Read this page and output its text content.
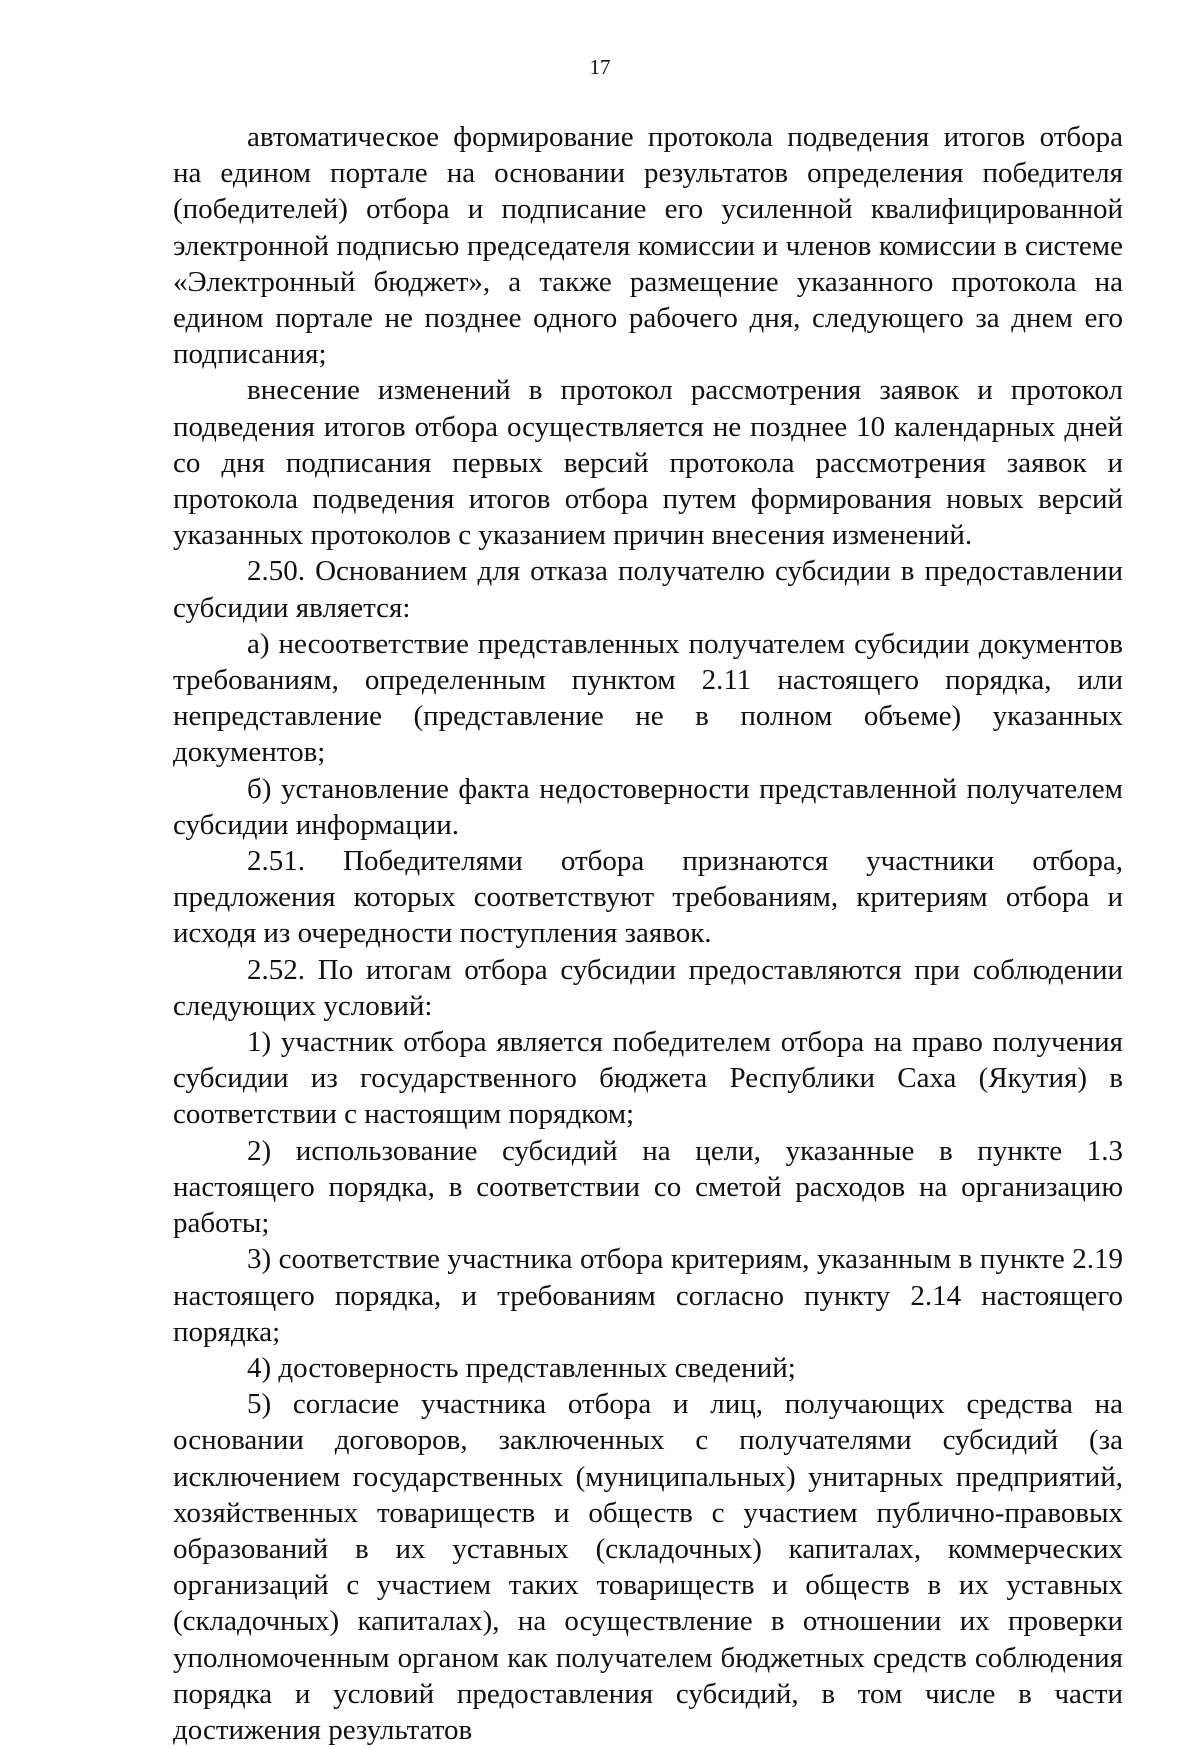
17

автоматическое формирование протокола подведения итогов отбора на едином портале на основании результатов определения победителя (победителей) отбора и подписание его усиленной квалифицированной электронной подписью председателя комиссии и членов комиссии в системе «Электронный бюджет», а также размещение указанного протокола на едином портале не позднее одного рабочего дня, следующего за днем его подписания;

внесение изменений в протокол рассмотрения заявок и протокол подведения итогов отбора осуществляется не позднее 10 календарных дней со дня подписания первых версий протокола рассмотрения заявок и протокола подведения итогов отбора путем формирования новых версий указанных протоколов с указанием причин внесения изменений.

2.50. Основанием для отказа получателю субсидии в предоставлении субсидии является:

а) несоответствие представленных получателем субсидии документов требованиям, определенным пунктом 2.11 настоящего порядка, или непредставление (представление не в полном объеме) указанных документов;

б) установление факта недостоверности представленной получателем субсидии информации.

2.51. Победителями отбора признаются участники отбора, предложения которых соответствуют требованиям, критериям отбора и исходя из очередности поступления заявок.

2.52. По итогам отбора субсидии предоставляются при соблюдении следующих условий:

1) участник отбора является победителем отбора на право получения субсидии из государственного бюджета Республики Саха (Якутия) в соответствии с настоящим порядком;

2) использование субсидий на цели, указанные в пункте 1.3 настоящего порядка, в соответствии со сметой расходов на организацию работы;

3) соответствие участника отбора критериям, указанным в пункте 2.19 настоящего порядка, и требованиям согласно пункту 2.14 настоящего порядка;

4) достоверность представленных сведений;

5) согласие участника отбора и лиц, получающих средства на основании договоров, заключенных с получателями субсидий (за исключением государственных (муниципальных) унитарных предприятий, хозяйственных товариществ и обществ с участием публично-правовых образований в их уставных (складочных) капиталах, коммерческих организаций с участием таких товариществ и обществ в их уставных (складочных) капиталах), на осуществление в отношении их проверки уполномоченным органом как получателем бюджетных средств соблюдения порядка и условий предоставления субсидий, в том числе в части достижения результатов
